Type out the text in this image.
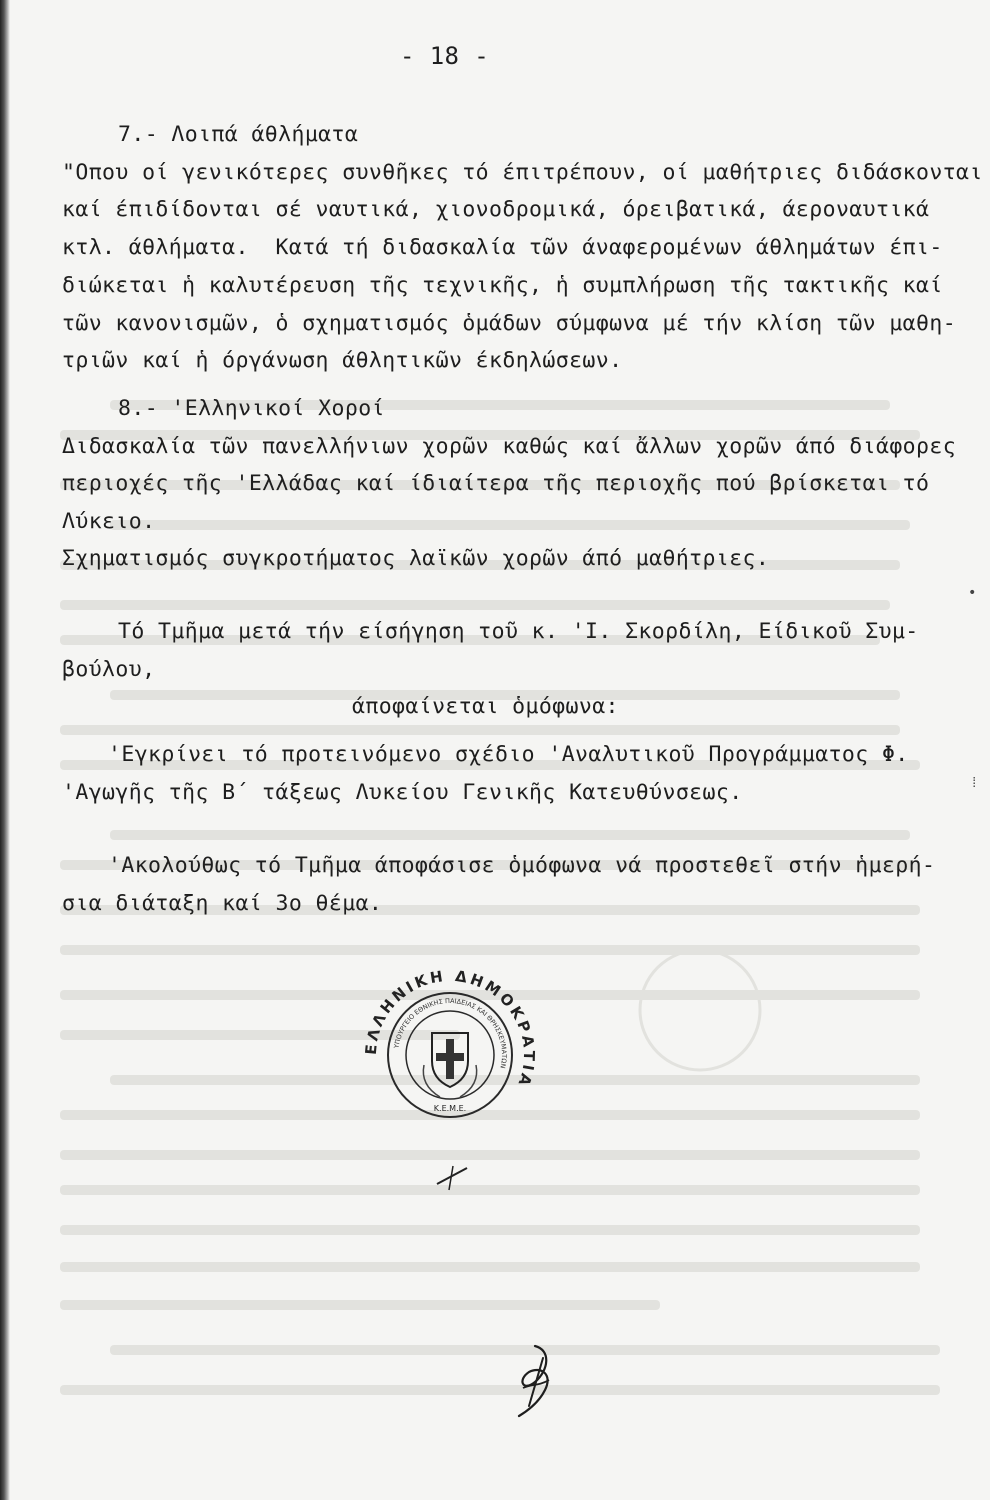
- 18 -
7.- Λοιπά άθλήματα
"Οπου οί γενικότερες συνθῆκες τό έπιτρέπουν, οί μαθήτριες διδάσκονται
καί έπιδίδονται σέ ναυτικά, χιονοδρομικά, όρειβατικά, άεροναυτικά
κτλ. άθλήματα.  Κατά τή διδασκαλία τῶν άναφερομένων άθλημάτων έπι-
διώκεται ἡ καλυτέρευση τῆς τεχνικῆς, ἡ συμπλήρωση τῆς τακτικῆς καί
τῶν κανονισμῶν, ὁ σχηματισμός ὁμάδων σύμφωνα μέ τήν κλίση τῶν μαθη-
τριῶν καί ἡ όργάνωση άθλητικῶν έκδηλώσεων.
8.- 'Ελληνικοί Χοροί
Διδασκαλία τῶν πανελλήνιων χορῶν καθώς καί ἄλλων χορῶν άπό διάφορες
περιοχές τῆς 'Ελλάδας καί ίδιαίτερα τῆς περιοχῆς πού βρίσκεται τό
Λύκειο.
Σχηματισμός συγκροτήματος λαϊκῶν χορῶν άπό μαθήτριες.
Τό Τμῆμα μετά τήν είσήγηση τοῦ κ. 'Ι. Σκορδίλη, Είδικοῦ Συμ-
βούλου,
άποφαίνεται ὁμόφωνα:
'Εγκρίνει τό προτεινόμενο σχέδιο 'Αναλυτικοῦ Προγράμματος Φ.
'Αγωγῆς τῆς Β΄ τάξεως Λυκείου Γενικῆς Κατευθύνσεως.
'Ακολούθως τό Τμῆμα άποφάσισε ὁμόφωνα νά προστεθεῖ στήν ἡμερή-
σια διάταξη καί 3ο θέμα.
ΕΛΛΗΝΙΚΗ ΔΗΜΟΚΡΑΤΙΑ
ΥΠΟΥΡΓΕΙΟ ΕΘΝΙΚΗΣ ΠΑΙΔΕΙΑΣ ΚΑΙ ΘΡΗΣΚΕΥΜΑΤΩΝ
Κ.Ε.Μ.Ε.
•
⁞
